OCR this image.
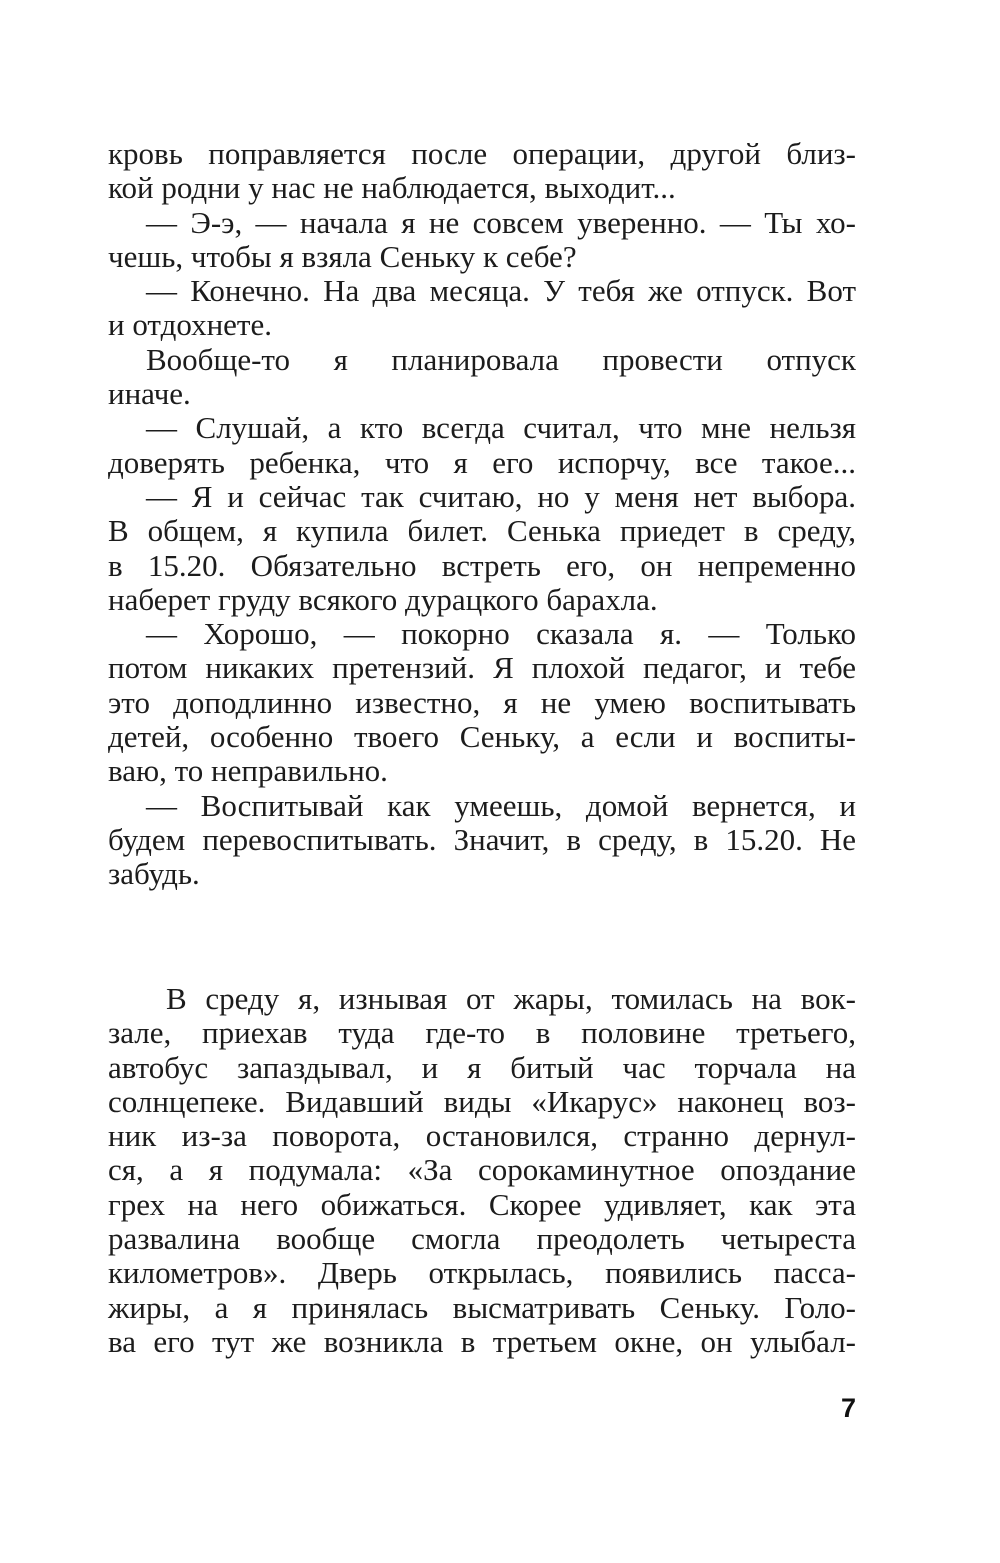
кровь поправляется после операции, другой близ-
кой родни у нас не наблюдается, выходит...
— Э-э, — начала я не совсем уверенно. — Ты хо-
чешь, чтобы я взяла Сеньку к себе?
— Конечно. На два месяца. У тебя же отпуск. Вот
и отдохнете.
Вообще-то я планировала провести отпуск
иначе.
— Слушай, а кто всегда считал, что мне нельзя
доверять ребенка, что я его испорчу, все такое...
— Я и сейчас так считаю, но у меня нет выбора.
В общем, я купила билет. Сенька приедет в среду,
в 15.20. Обязательно встреть его, он непременно
наберет груду всякого дурацкого барахла.
— Хорошо, — покорно сказала я. — Только
потом никаких претензий. Я плохой педагог, и тебе
это доподлинно известно, я не умею воспитывать
детей, особенно твоего Сеньку, а если и воспиты-
ваю, то неправильно.
— Воспитывай как умеешь, домой вернется, и
будем перевоспитывать. Значит, в среду, в 15.20. Не
забудь.
В среду я, изнывая от жары, томилась на вок-
зале, приехав туда где-то в половине третьего,
автобус запаздывал, и я битый час торчала на
солнцепеке. Видавший виды «Икарус» наконец воз-
ник из-за поворота, остановился, странно дернул-
ся, а я подумала: «За сорокаминутное опоздание
грех на него обижаться. Скорее удивляет, как эта
развалина вообще смогла преодолеть четыреста
километров». Дверь открылась, появились пасса-
жиры, а я принялась высматривать Сеньку. Голо-
ва его тут же возникла в третьем окне, он улыбал-
7
